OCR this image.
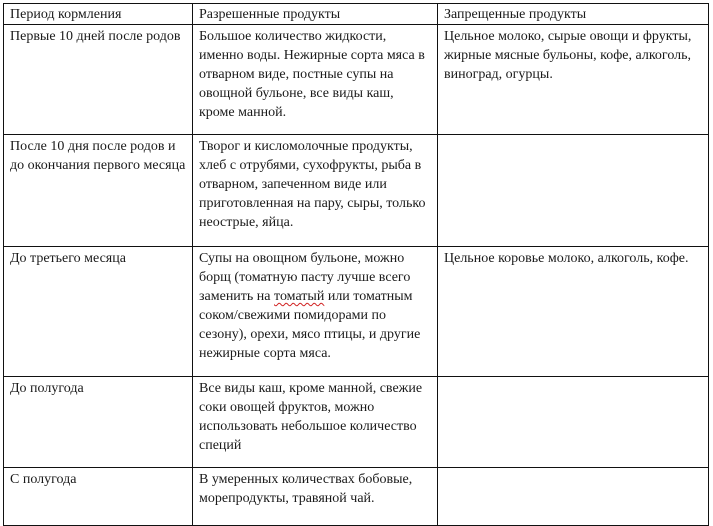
Период кормления	Разрешенные продукты	Запрещенные продукты
Первые 10 дней после родов	Большое количество жидкости, именно воды. Нежирные сорта мяса в отварном виде, постные супы на овощной бульоне, все виды каш, кроме манной.	Цельное молоко, сырые овощи и фрукты, жирные мясные бульоны, кофе, алкоголь, виноград, огурцы.
После 10 дня после родов и до окончания первого месяца	Творог и кисломолочные продукты, хлеб с отрубями, сухофрукты, рыба в отварном, запеченном виде или приготовленная на пару, сыры, только неострые, яйца.	
До третьего месяца	Супы на овощном бульоне, можно борщ (томатную пасту лучше всего заменить на томатый или томатным соком/свежими помидорами по сезону), орехи, мясо птицы, и другие нежирные сорта мяса.	Цельное коровье молоко, алкоголь, кофе.
До полугода	Все виды каш, кроме манной, свежие соки овощей фруктов, можно использовать небольшое количество специй	
С полугода	В умеренных количествах бобовые, морепродукты, травяной чай.	
